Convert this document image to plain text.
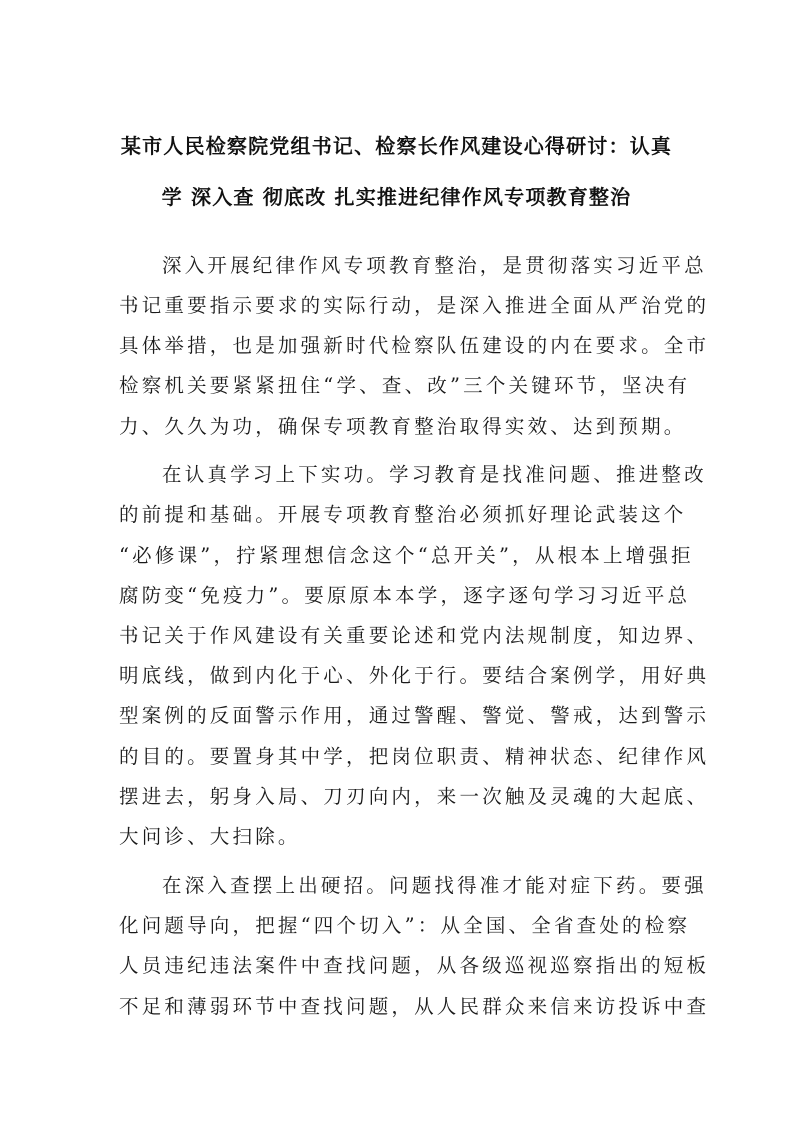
某市人民检察院党组书记、检察长作风建设心得研讨：认真
学 深入查 彻底改 扎实推进纪律作风专项教育整治
深入开展纪律作风专项教育整治，是贯彻落实习近平总
书记重要指示要求的实际行动，是深入推进全面从严治党的
具体举措，也是加强新时代检察队伍建设的内在要求。全市
检察机关要紧紧扭住“学、查、改”三个关键环节，坚决有
力、久久为功，确保专项教育整治取得实效、达到预期。
在认真学习上下实功。学习教育是找准问题、推进整改
的前提和基础。开展专项教育整治必须抓好理论武装这个
“必修课”，拧紧理想信念这个“总开关”，从根本上增强拒
腐防变“免疫力”。要原原本本学，逐字逐句学习习近平总
书记关于作风建设有关重要论述和党内法规制度，知边界、
明底线，做到内化于心、外化于行。要结合案例学，用好典
型案例的反面警示作用，通过警醒、警觉、警戒，达到警示
的目的。要置身其中学，把岗位职责、精神状态、纪律作风
摆进去，躬身入局、刀刃向内，来一次触及灵魂的大起底、
大问诊、大扫除。
在深入查摆上出硬招。问题找得准才能对症下药。要强
化问题导向，把握“四个切入”：从全国、全省查处的检察
人员违纪违法案件中查找问题，从各级巡视巡察指出的短板
不足和薄弱环节中查找问题，从人民群众来信来访投诉中查
